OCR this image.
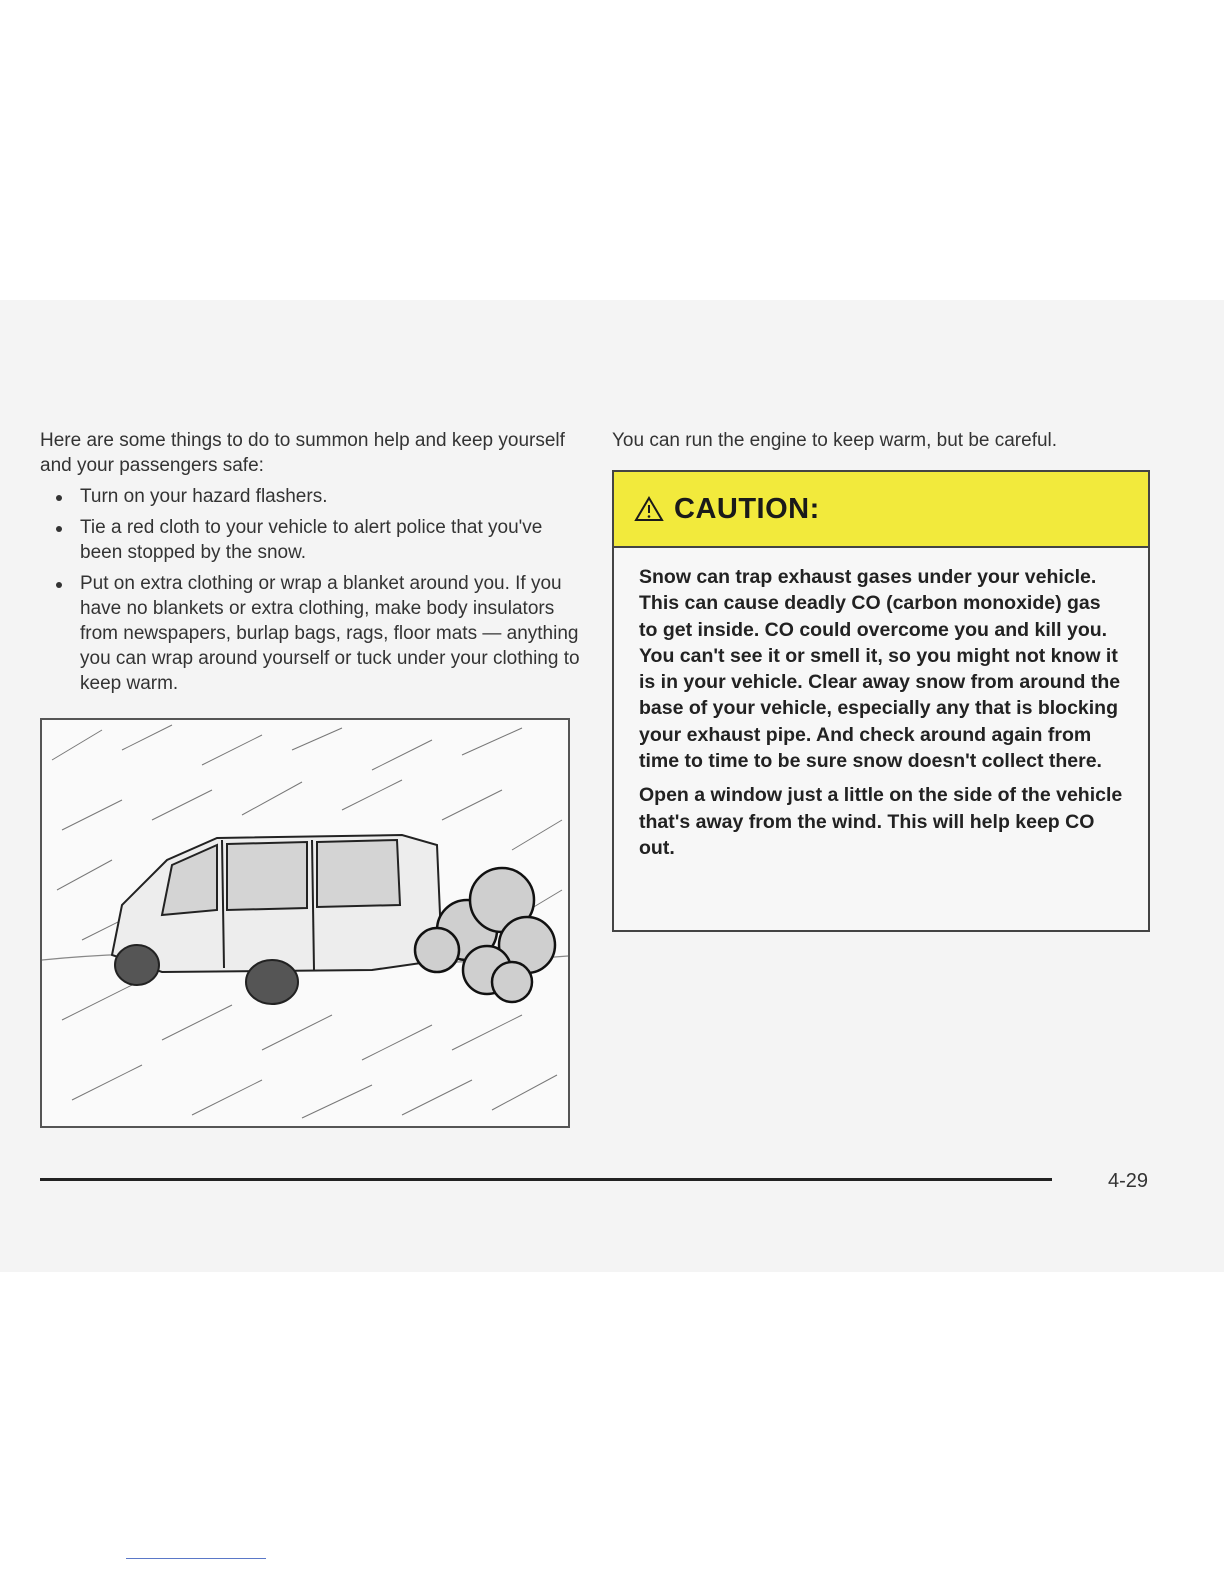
Here are some things to do to summon help and keep yourself and your passengers safe:

Turn on your hazard flashers.
Tie a red cloth to your vehicle to alert police that you've been stopped by the snow.
Put on extra clothing or wrap a blanket around you. If you have no blankets or extra clothing, make body insulators from newspapers, burlap bags, rags, floor mats — anything you can wrap around yourself or tuck under your clothing to keep warm.

You can run the engine to keep warm, but be careful.

CAUTION:

Snow can trap exhaust gases under your vehicle. This can cause deadly CO (carbon monoxide) gas to get inside. CO could overcome you and kill you. You can't see it or smell it, so you might not know it is in your vehicle. Clear away snow from around the base of your vehicle, especially any that is blocking your exhaust pipe. And check around again from time to time to be sure snow doesn't collect there.

Open a window just a little on the side of the vehicle that's away from the wind. This will help keep CO out.

4-29
